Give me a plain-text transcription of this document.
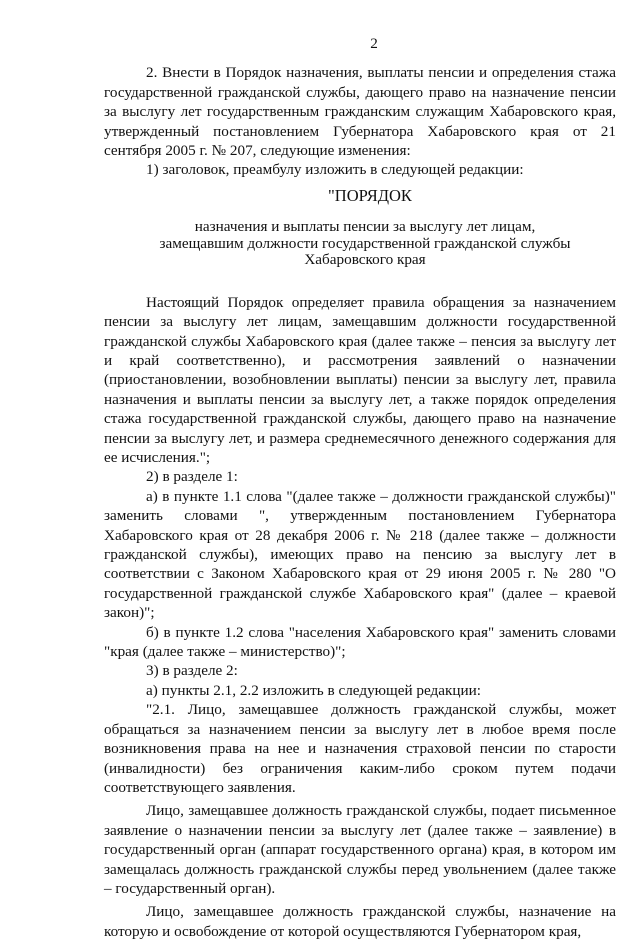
2

2. Внести в Порядок назначения, выплаты пенсии и определения стажа государственной гражданской службы, дающего право на назначение пенсии за выслугу лет государственным гражданским служащим Хабаровского края, утвержденный постановлением Губернатора Хабаровского края от 21 сентября 2005 г. № 207, следующие изменения:

1) заголовок, преамбулу изложить в следующей редакции:

"ПОРЯДОК
назначения и выплаты пенсии за выслугу лет лицам,
замещавшим должности государственной гражданской службы
Хабаровского края

Настоящий Порядок определяет правила обращения за назначением пенсии за выслугу лет лицам, замещавшим должности государственной гражданской службы Хабаровского края (далее также – пенсия за выслугу лет и край соответственно), и рассмотрения заявлений о назначении (приостановлении, возобновлении выплаты) пенсии за выслугу лет, правила назначения и выплаты пенсии за выслугу лет, а также порядок определения стажа государственной гражданской службы, дающего право на назначение пенсии за выслугу лет, и размера среднемесячного денежного содержания для ее исчисления.";

2) в разделе 1:

а) в пункте 1.1 слова "(далее также – должности гражданской службы)" заменить словами ", утвержденным постановлением Губернатора Хабаровского края от 28 декабря 2006 г. № 218 (далее также – должности гражданской службы), имеющих право на пенсию за выслугу лет в соответствии с Законом Хабаровского края от 29 июня 2005 г. № 280 "О государственной гражданской службе Хабаровского края" (далее – краевой закон)";

б) в пункте 1.2 слова "населения Хабаровского края" заменить словами "края (далее также – министерство)";

3) в разделе 2:

а) пункты 2.1, 2.2 изложить в следующей редакции:

"2.1. Лицо, замещавшее должность гражданской службы, может обращаться за назначением пенсии за выслугу лет в любое время после возникновения права на нее и назначения страховой пенсии по старости (инвалидности) без ограничения каким-либо сроком путем подачи соответствующего заявления.

Лицо, замещавшее должность гражданской службы, подает письменное заявление о назначении пенсии за выслугу лет (далее также – заявление) в государственный орган (аппарат государственного органа) края, в котором им замещалась должность гражданской службы перед увольнением (далее также – государственный орган).

Лицо, замещавшее должность гражданской службы, назначение на которую и освобождение от которой осуществляются Губернатором края,
